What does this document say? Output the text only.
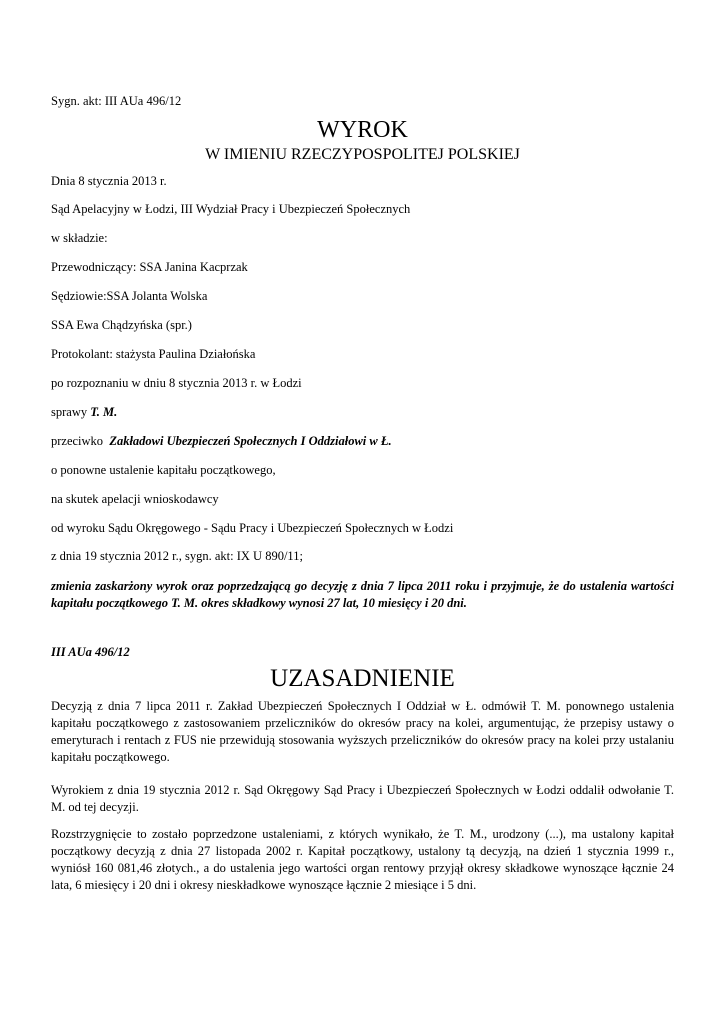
Sygn. akt: III AUa 496/12
WYROK
W IMIENIU RZECZYPOSPOLITEJ POLSKIEJ
Dnia 8 stycznia 2013 r.
Sąd Apelacyjny w Łodzi, III Wydział Pracy i Ubezpieczeń Społecznych
w składzie:
Przewodniczący: SSA Janina Kacprzak
Sędziowie:SSA Jolanta Wolska
SSA Ewa Chądzyńska (spr.)
Protokolant: stażysta Paulina Działońska
po rozpoznaniu w dniu 8 stycznia 2013 r. w Łodzi
sprawy T. M.
przeciwko Zakładowi Ubezpieczeń Społecznych I Oddziałowi w Ł.
o ponowne ustalenie kapitału początkowego,
na skutek apelacji wnioskodawcy
od wyroku Sądu Okręgowego - Sądu Pracy i Ubezpieczeń Społecznych w Łodzi
z dnia 19 stycznia 2012 r., sygn. akt: IX U 890/11;
zmienia zaskarżony wyrok oraz poprzedzającą go decyzję z dnia 7 lipca 2011 roku i przyjmuje, że do ustalenia wartości kapitału początkowego T. M. okres składkowy wynosi 27 lat, 10 miesięcy i 20 dni.
III AUa 496/12
UZASADNIENIE
Decyzją z dnia 7 lipca 2011 r. Zakład Ubezpieczeń Społecznych I Oddział w Ł. odmówił T. M. ponownego ustalenia kapitału początkowego z zastosowaniem przeliczników do okresów pracy na kolei, argumentując, że przepisy ustawy o emeryturach i rentach z FUS nie przewidują stosowania wyższych przeliczników do okresów pracy na kolei przy ustalaniu kapitału początkowego.
Wyrokiem z dnia 19 stycznia 2012 r. Sąd Okręgowy Sąd Pracy i Ubezpieczeń Społecznych w Łodzi oddalił odwołanie T. M. od tej decyzji.
Rozstrzygnięcie to zostało poprzedzone ustaleniami, z których wynikało, że T. M., urodzony (...), ma ustalony kapitał początkowy decyzją z dnia 27 listopada 2002 r. Kapitał początkowy, ustalony tą decyzją, na dzień 1 stycznia 1999 r., wyniósł 160 081,46 złotych., a do ustalenia jego wartości organ rentowy przyjął okresy składkowe wynoszące łącznie 24 lata, 6 miesięcy i 20 dni i okresy nieskładkowe wynoszące łącznie 2 miesiące i 5 dni.
